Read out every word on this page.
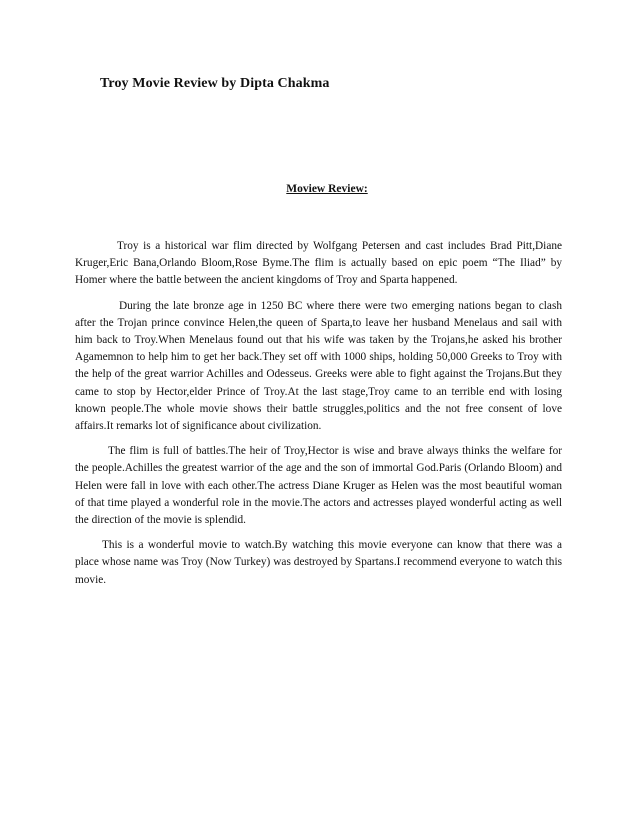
Troy Movie Review by Dipta Chakma
Moview Review:

Troy is a historical war flim directed by Wolfgang Petersen and cast includes Brad Pitt,Diane Kruger,Eric Bana,Orlando Bloom,Rose Byme.The flim is actually based on epic poem “The Iliad” by Homer where the battle between the ancient kingdoms of Troy and Sparta happened.

During the late bronze age in 1250 BC where there were two emerging nations began to clash after the Trojan prince convince Helen,the queen of Sparta,to leave her husband Menelaus and sail with him back to Troy.When Menelaus found out that his wife was taken by the Trojans,he asked his brother Agamemnon to help him to get her back.They set off with 1000 ships, holding 50,000 Greeks to Troy with the help of the great warrior Achilles and Odesseus. Greeks were able to fight against the Trojans.But they came to stop by Hector,elder Prince of Troy.At the last stage,Troy came to an terrible end with losing known people.The whole movie shows their battle struggles,politics and the not free consent of love affairs.It remarks lot of significance about civilization.

The flim is full of battles.The heir of Troy,Hector is wise and brave always thinks the welfare for the people.Achilles the greatest warrior of the age and the son of immortal God.Paris (Orlando Bloom) and Helen were fall in love with each other.The actress Diane Kruger as Helen was the most beautiful woman of that time played a wonderful role in the movie.The actors and actresses played wonderful acting as well the direction of the movie is splendid.

This is a wonderful movie to watch.By watching this movie everyone can know that there was a place whose name was Troy (Now Turkey) was destroyed by Spartans.I recommend everyone to watch this movie.
